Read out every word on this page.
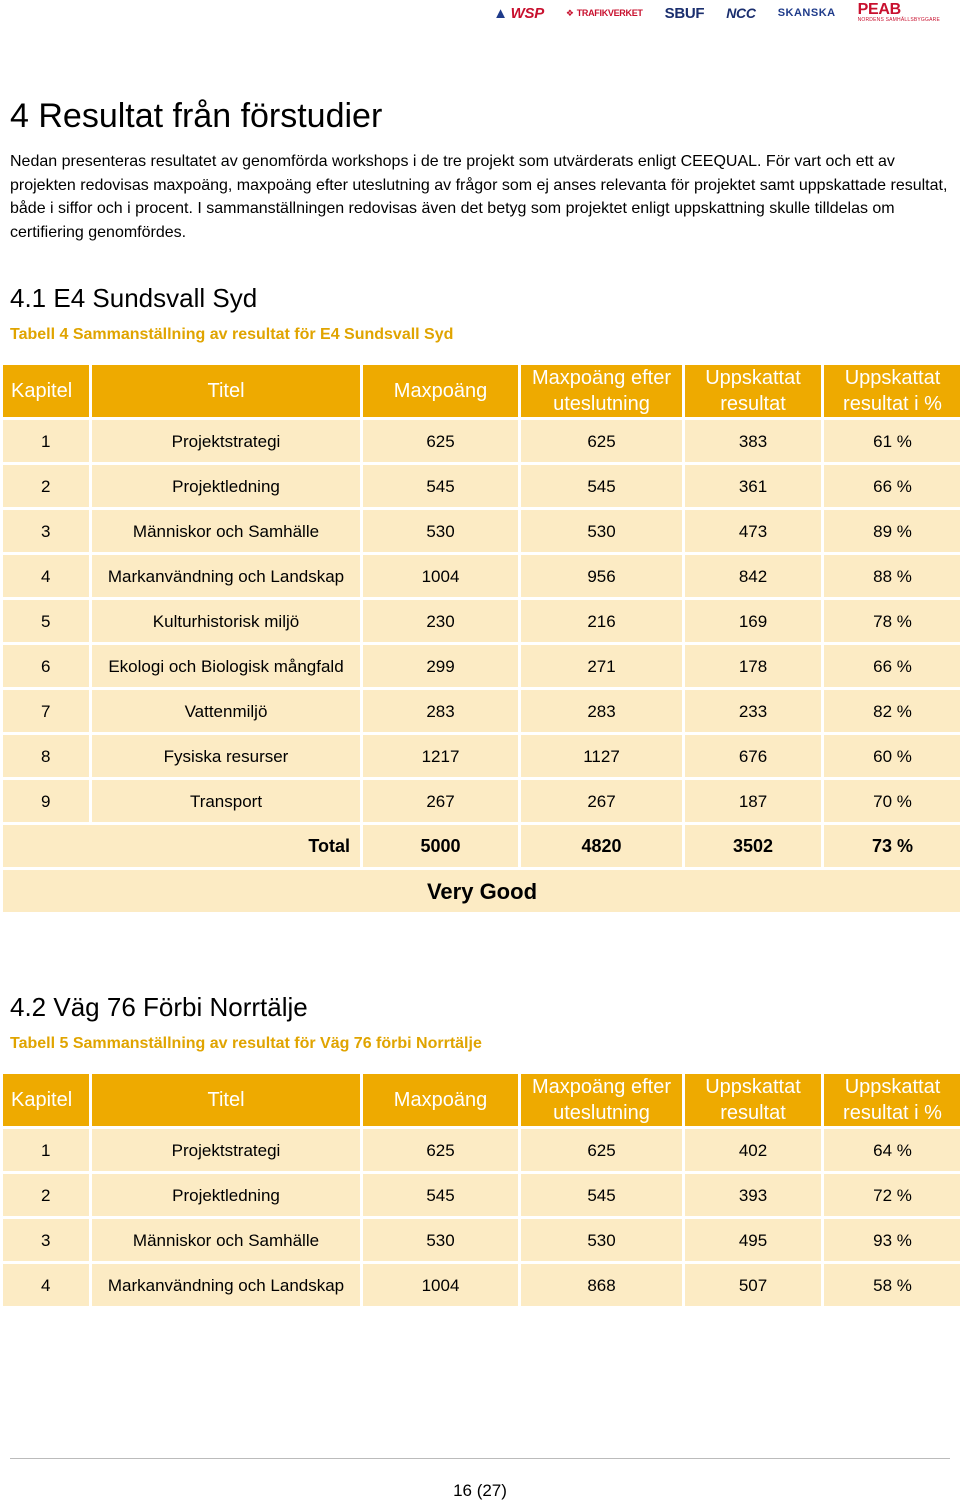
▲ WSP ❖ TRAFIKVERKET SBUF NCC SKANSKA PEAB
NORDENS SAMHÄLLSBYGGARE
4 Resultat från förstudier

Nedan presenteras resultatet av genomförda workshops i de tre projekt som utvärderats enligt CEEQUAL. För vart och ett av projekten redovisas maxpoäng, maxpoäng efter uteslutning av frågor som ej anses relevanta för projektet samt uppskattade resultat, både i siffor och i procent. I sammanställningen redovisas även det betyg som projektet enligt uppskattning skulle tilldelas om certifiering genomfördes.

4.1 E4 Sundsvall Syd

Tabell 4 Sammanställning av resultat för E4 Sundsvall Syd

Kapitel	Titel	Maxpoäng	Maxpoäng efter uteslutning	Uppskattat resultat	Uppskattat resultat i %
1	Projektstrategi	625	625	383	61 %
2	Projektledning	545	545	361	66 %
3	Människor och Samhälle	530	530	473	89 %
4	Markanvändning och Landskap	1004	956	842	88 %
5	Kulturhistorisk miljö	230	216	169	78 %
6	Ekologi och Biologisk mångfald	299	271	178	66 %
7	Vattenmiljö	283	283	233	82 %
8	Fysiska resurser	1217	1127	676	60 %
9	Transport	267	267	187	70 %
Total		5000	4820	3502	73 %
Very Good					
4.2 Väg 76 Förbi Norrtälje

Tabell 5 Sammanställning av resultat för Väg 76 förbi Norrtälje

Kapitel	Titel	Maxpoäng	Maxpoäng efter uteslutning	Uppskattat resultat	Uppskattat resultat i %
1	Projektstrategi	625	625	402	64 %
2	Projektledning	545	545	393	72 %
3	Människor och Samhälle	530	530	495	93 %
4	Markanvändning och Landskap	1004	868	507	58 %
16 (27)
